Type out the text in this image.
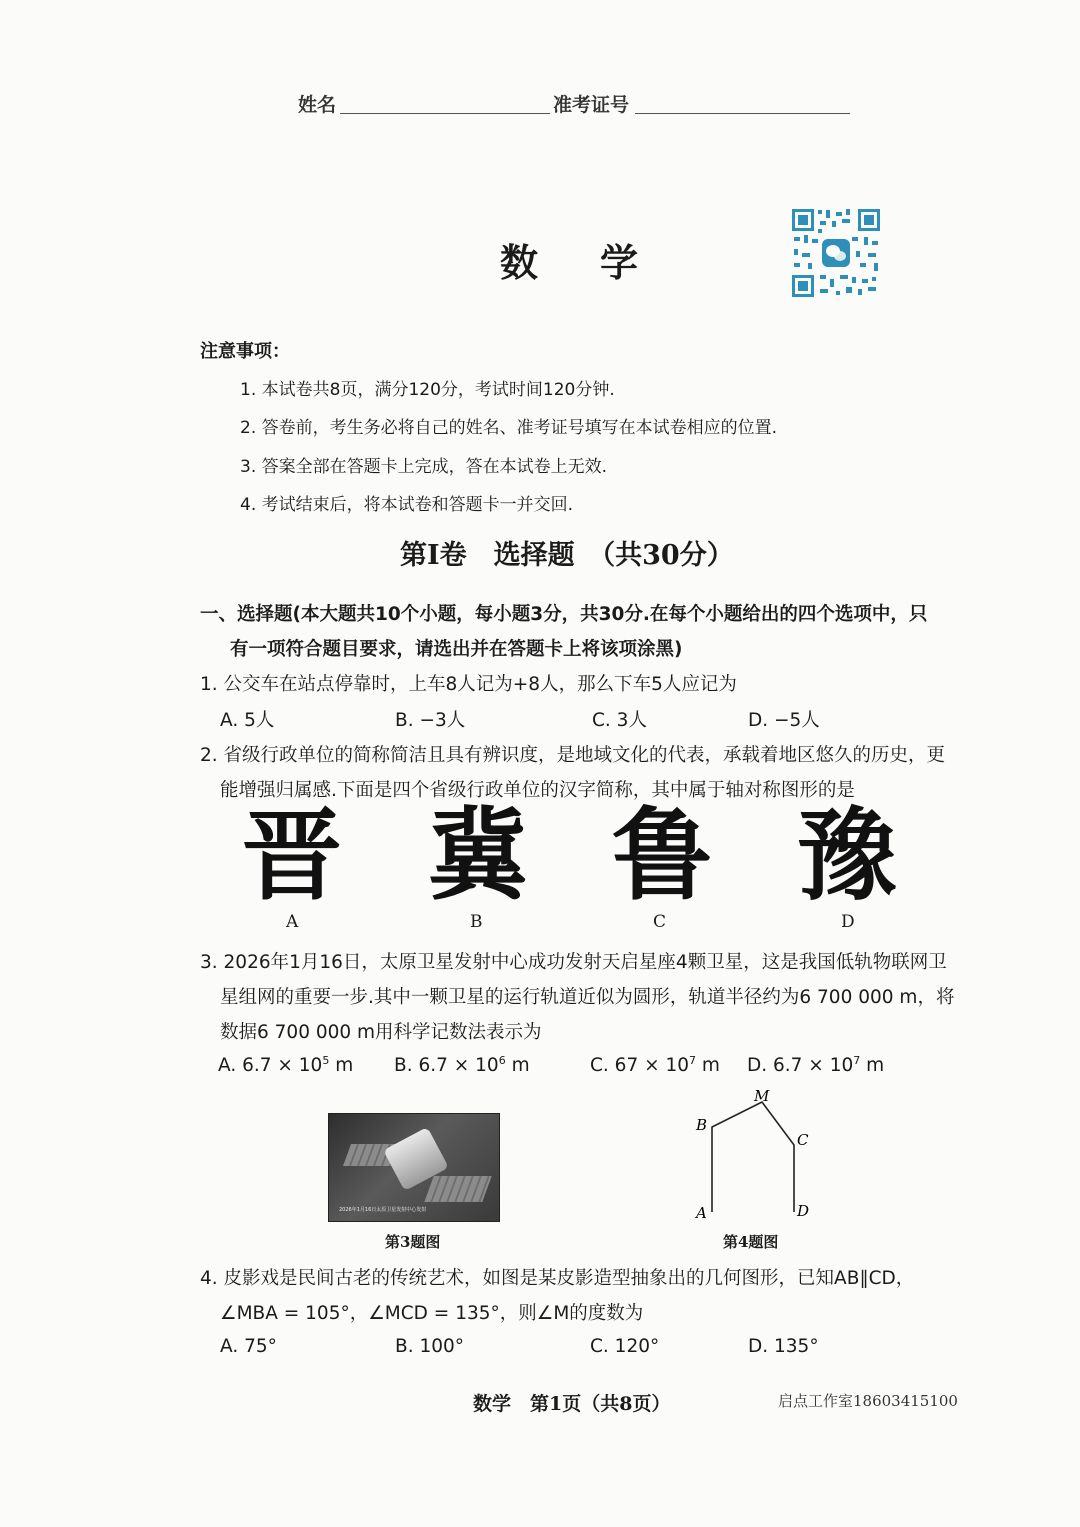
姓名	准考证号
数学
注意事项：
1. 本试卷共8页，满分120分，考试时间120分钟.
2. 答卷前，考生务必将自己的姓名、准考证号填写在本试卷相应的位置.
3. 答案全部在答题卡上完成，答在本试卷上无效.
4. 考试结束后，将本试卷和答题卡一并交回.
第Ⅰ卷　选择题　（共30分）
一、选择题(本大题共10个小题，每小题3分，共30分.在每个小题给出的四个选项中，只
有一项符合题目要求，请选出并在答题卡上将该项涂黑)
1. 公交车在站点停靠时，上车8人记为+8人，那么下车5人应记为
A. 5人	B. −3人	C. 3人	D. −5人
2. 省级行政单位的简称简洁且具有辨识度，是地域文化的代表，承载着地区悠久的历史，更
能增强归属感.下面是四个省级行政单位的汉字简称，其中属于轴对称图形的是
晋 冀 鲁 豫
A	B	C	D
3. 2026年1月16日，太原卫星发射中心成功发射天启星座4颗卫星，这是我国低轨物联网卫
星组网的重要一步.其中一颗卫星的运行轨道近似为圆形，轨道半径约为6 700 000 m，将
数据6 700 000 m用科学记数法表示为
A. $6.7 \times 10^5$ m B. $6.7 \times 10^6$ m	C. $67 \times 10^7$ m D. $6.7 \times 10^7$ m
2026年1月16日太原卫星发射中心发射
第3题图
M
B
C
A	D
第4题图
4. 皮影戏是民间古老的传统艺术，如图是某皮影造型抽象出的几何图形，已知AB∥CD，
∠MBA = 105°，∠MCD = 135°，则∠M的度数为
A. 75°	B. 100°	C. 120°	D. 135°
数学　第1页（共8页）	启点工作室18603415100
